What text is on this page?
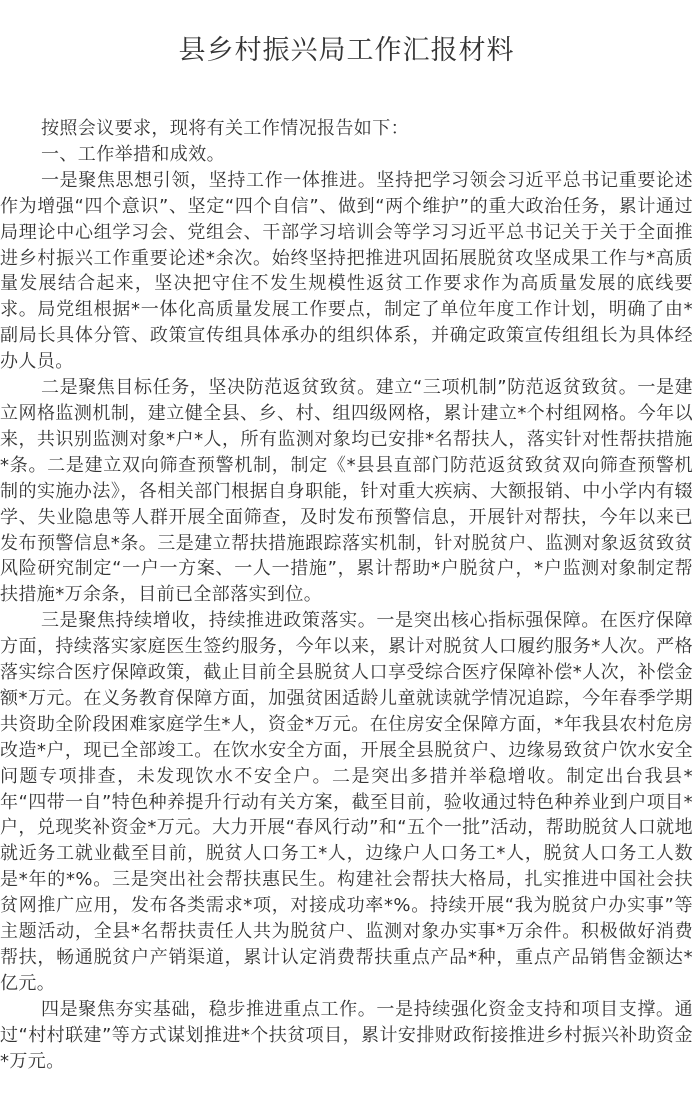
县乡村振兴局工作汇报材料

按照会议要求，现将有关工作情况报告如下：

一、工作举措和成效。

一是聚焦思想引领，坚持工作一体推进。坚持把学习领会习近平总书记重要论述作为增强“四个意识”、坚定“四个自信”、做到“两个维护”的重大政治任务，累计通过局理论中心组学习会、党组会、干部学习培训会等学习习近平总书记关于关于全面推进乡村振兴工作重要论述*余次。始终坚持把推进巩固拓展脱贫攻坚成果工作与*高质量发展结合起来，坚决把守住不发生规模性返贫工作要求作为高质量发展的底线要求。局党组根据*一体化高质量发展工作要点，制定了单位年度工作计划，明确了由*副局长具体分管、政策宣传组具体承办的组织体系，并确定政策宣传组组长为具体经办人员。

二是聚焦目标任务，坚决防范返贫致贫。建立“三项机制”防范返贫致贫。一是建立网格监测机制，建立健全县、乡、村、组四级网格，累计建立*个村组网格。今年以来，共识别监测对象*户*人，所有监测对象均已安排*名帮扶人，落实针对性帮扶措施*条。二是建立双向筛查预警机制，制定《*县县直部门防范返贫致贫双向筛查预警机制的实施办法》，各相关部门根据自身职能，针对重大疾病、大额报销、中小学内有辍学、失业隐患等人群开展全面筛查，及时发布预警信息，开展针对帮扶，今年以来已发布预警信息*条。三是建立帮扶措施跟踪落实机制，针对脱贫户、监测对象返贫致贫风险研究制定“一户一方案、一人一措施”，累计帮助*户脱贫户，*户监测对象制定帮扶措施*万余条，目前已全部落实到位。

三是聚焦持续增收，持续推进政策落实。一是突出核心指标强保障。在医疗保障方面，持续落实家庭医生签约服务，今年以来，累计对脱贫人口履约服务*人次。严格落实综合医疗保障政策，截止目前全县脱贫人口享受综合医疗保障补偿*人次，补偿金额*万元。在义务教育保障方面，加强贫困适龄儿童就读就学情况追踪，今年春季学期共资助全阶段困难家庭学生*人，资金*万元。在住房安全保障方面，*年我县农村危房改造*户，现已全部竣工。在饮水安全方面，开展全县脱贫户、边缘易致贫户饮水安全问题专项排查，未发现饮水不安全户。二是突出多措并举稳增收。制定出台我县*年“四带一自”特色种养提升行动有关方案，截至目前，验收通过特色种养业到户项目*户，兑现奖补资金*万元。大力开展“春风行动”和“五个一批”活动，帮助脱贫人口就地就近务工就业截至目前，脱贫人口务工*人，边缘户人口务工*人，脱贫人口务工人数是*年的*%。三是突出社会帮扶惠民生。构建社会帮扶大格局，扎实推进中国社会扶贫网推广应用，发布各类需求*项，对接成功率*%。持续开展“我为脱贫户办实事”等主题活动，全县*名帮扶责任人共为脱贫户、监测对象办实事*万余件。积极做好消费帮扶，畅通脱贫户产销渠道，累计认定消费帮扶重点产品*种，重点产品销售金额达*亿元。

四是聚焦夯实基础，稳步推进重点工作。一是持续强化资金支持和项目支撑。通过“村村联建”等方式谋划推进*个扶贫项目，累计安排财政衔接推进乡村振兴补助资金*万元。
